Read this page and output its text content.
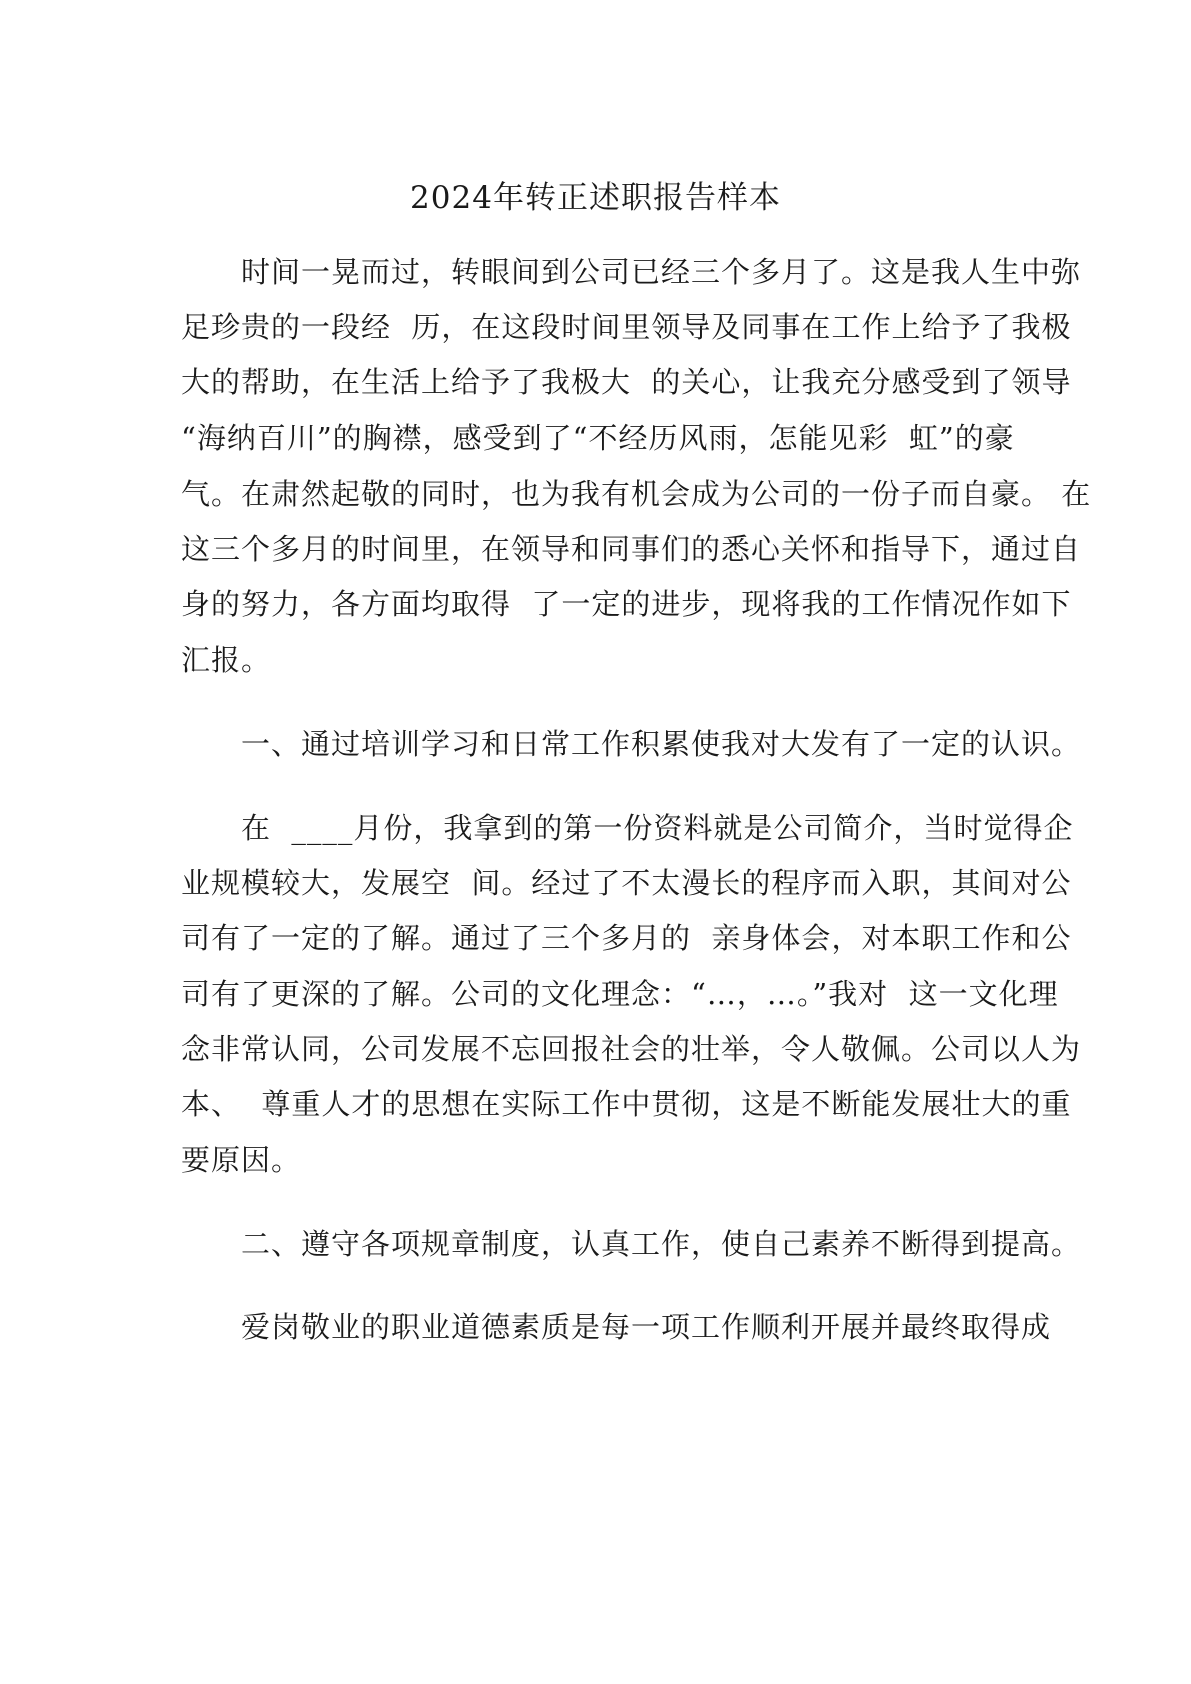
2024年转正述职报告样本
时间一晃而过，转眼间到公司已经三个多月了。这是我人生中弥
足珍贵的一段经  历，在这段时间里领导及同事在工作上给予了我极
大的帮助，在生活上给予了我极大  的关心，让我充分感受到了领导
“海纳百川”的胸襟，感受到了“不经历风雨，怎能见彩  虹”的豪
气。在肃然起敬的同时，也为我有机会成为公司的一份子而自豪。 在
这三个多月的时间里，在领导和同事们的悉心关怀和指导下，通过自
身的努力，各方面均取得  了一定的进步，现将我的工作情况作如下
汇报。
一、通过培训学习和日常工作积累使我对大发有了一定的认识。
在  ____月份，我拿到的第一份资料就是公司简介，当时觉得企
业规模较大，发展空  间。经过了不太漫长的程序而入职，其间对公
司有了一定的了解。通过了三个多月的  亲身体会，对本职工作和公
司有了更深的了解。公司的文化理念：“…，…。”我对  这一文化理
念非常认同，公司发展不忘回报社会的壮举，令人敬佩。公司以人为
本、  尊重人才的思想在实际工作中贯彻，这是不断能发展壮大的重
要原因。
二、遵守各项规章制度，认真工作，使自己素养不断得到提高。
爱岗敬业的职业道德素质是每一项工作顺利开展并最终取得成
